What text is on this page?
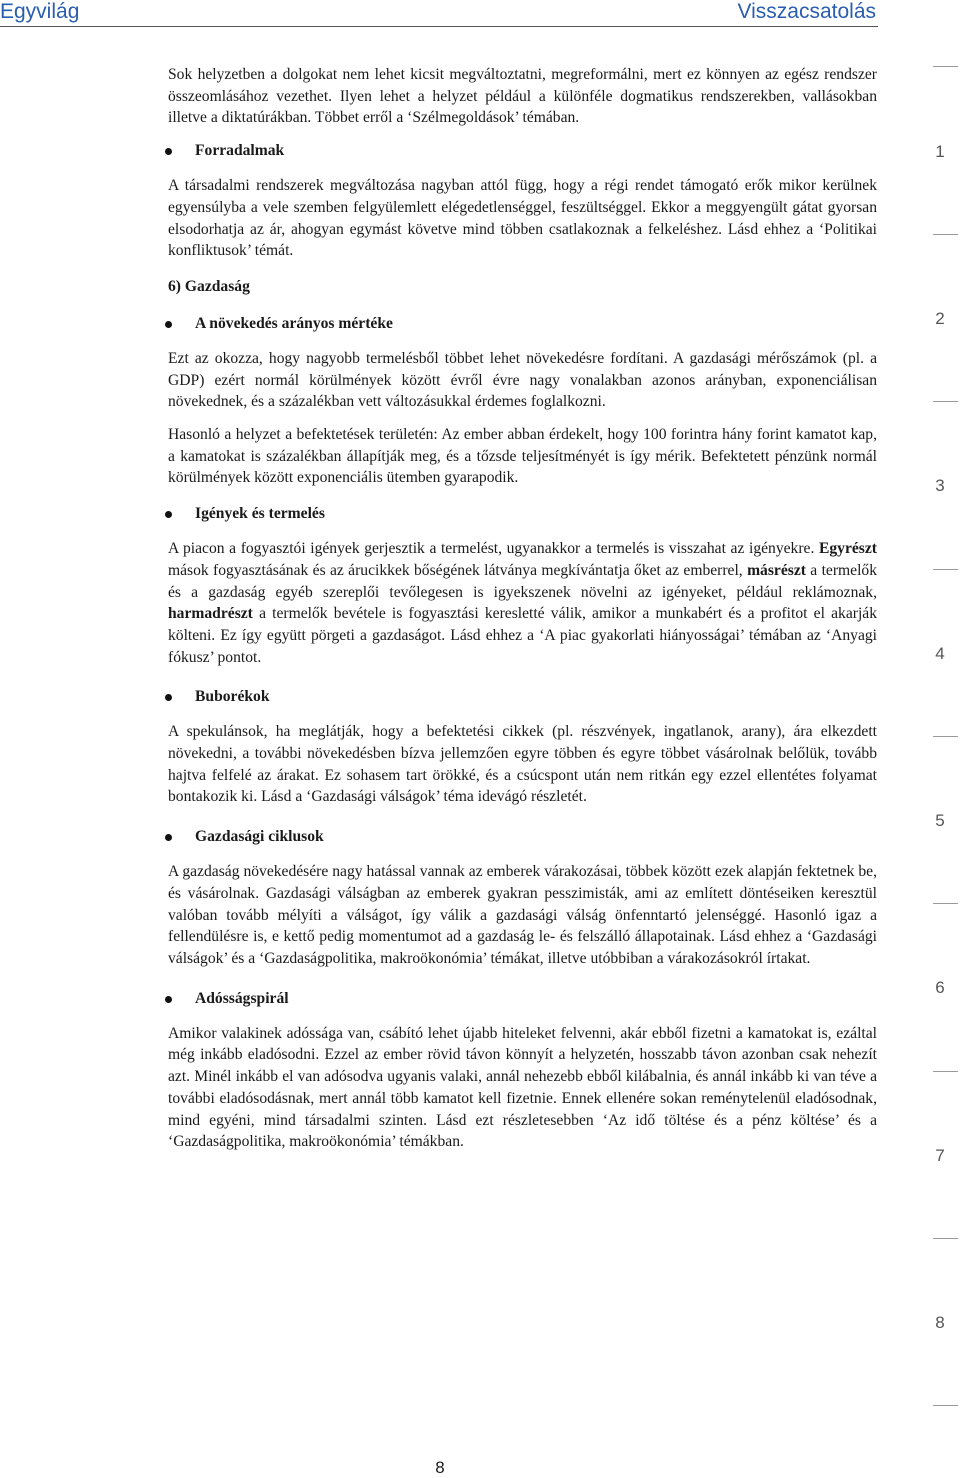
Egyvilág	Visszacsatolás
1
2
3
4
5
6
7
8

Sok helyzetben a dolgokat nem lehet kicsit megváltoztatni, megreformálni, mert ez könnyen az egész rendszer összeomlásához vezethet. Ilyen lehet a helyzet például a különféle dogmatikus rendszerekben, vallásokban illetve a diktatúrákban. Többet erről a ‘Szélmegoldások’ témában.

Forradalmak

A társadalmi rendszerek megváltozása nagyban attól függ, hogy a régi rendet támogató erők mikor kerülnek egyensúlyba a vele szemben felgyülemlett elégedetlenséggel, feszültséggel. Ekkor a meggyengült gátat gyorsan elsodorhatja az ár, ahogyan egymást követve mind többen csatlakoznak a felkeléshez. Lásd ehhez a ‘Politikai konfliktusok’ témát.

6) Gazdaság
A növekedés arányos mértéke

Ezt az okozza, hogy nagyobb termelésből többet lehet növekedésre fordítani. A gazdasági mérőszámok (pl. a GDP) ezért normál körülmények között évről évre nagy vonalakban azonos arányban, exponenciálisan növekednek, és a százalékban vett változásukkal érdemes foglalkozni.

Hasonló a helyzet a befektetések területén: Az ember abban érdekelt, hogy 100 forintra hány forint kamatot kap, a kamatokat is százalékban állapítják meg, és a tőzsde teljesítményét is így mérik. Befektetett pénzünk normál körülmények között exponenciális ütemben gyarapodik.

Igények és termelés

A piacon a fogyasztói igények gerjesztik a termelést, ugyanakkor a termelés is visszahat az igényekre. Egyrészt mások fogyasztásának és az árucikkek bőségének látványa megkívántatja őket az emberrel, másrészt a termelők és a gazdaság egyéb szereplői tevőlegesen is igyekszenek növelni az igényeket, például reklámoznak, harmadrészt a termelők bevétele is fogyasztási keresletté válik, amikor a munkabért és a profitot el akarják költeni. Ez így együtt pörgeti a gazdaságot. Lásd ehhez a ‘A piac gyakorlati hiányosságai’ témában az ‘Anyagi fókusz’ pontot.

Buborékok

A spekulánsok, ha meglátják, hogy a befektetési cikkek (pl. részvények, ingatlanok, arany), ára elkezdett növekedni, a további növekedésben bízva jellemzően egyre többen és egyre többet vásárolnak belőlük, tovább hajtva felfelé az árakat. Ez sohasem tart örökké, és a csúcspont után nem ritkán egy ezzel ellentétes folyamat bontakozik ki. Lásd a ‘Gazdasági válságok’ téma idevágó részletét.

Gazdasági ciklusok

A gazdaság növekedésére nagy hatással vannak az emberek várakozásai, többek között ezek alapján fektetnek be, és vásárolnak. Gazdasági válságban az emberek gyakran pesszimisták, ami az említett döntéseiken keresztül valóban tovább mélyíti a válságot, így válik a gazdasági válság önfenntartó jelenséggé. Hasonló igaz a fellendülésre is, e kettő pedig momentumot ad a gazdaság le- és felszálló állapotainak. Lásd ehhez a ‘Gazdasági válságok’ és a ‘Gazdaságpolitika, makroökonómia’ témákat, illetve utóbbiban a várakozásokról írtakat.

Adósságspirál

Amikor valakinek adóssága van, csábító lehet újabb hiteleket felvenni, akár ebből fizetni a kamatokat is, ezáltal még inkább eladósodni. Ezzel az ember rövid távon könnyít a helyzetén, hosszabb távon azonban csak nehezít azt. Minél inkább el van adósodva ugyanis valaki, annál nehezebb ebből kilábalnia, és annál inkább ki van téve a további eladósodásnak, mert annál több kamatot kell fizetnie. Ennek ellenére sokan reménytelenül eladósodnak, mind egyéni, mind társadalmi szinten. Lásd ezt részletesebben ‘Az idő töltése és a pénz költése’ és a ‘Gazdaságpolitika, makroökonómia’ témákban.

8
